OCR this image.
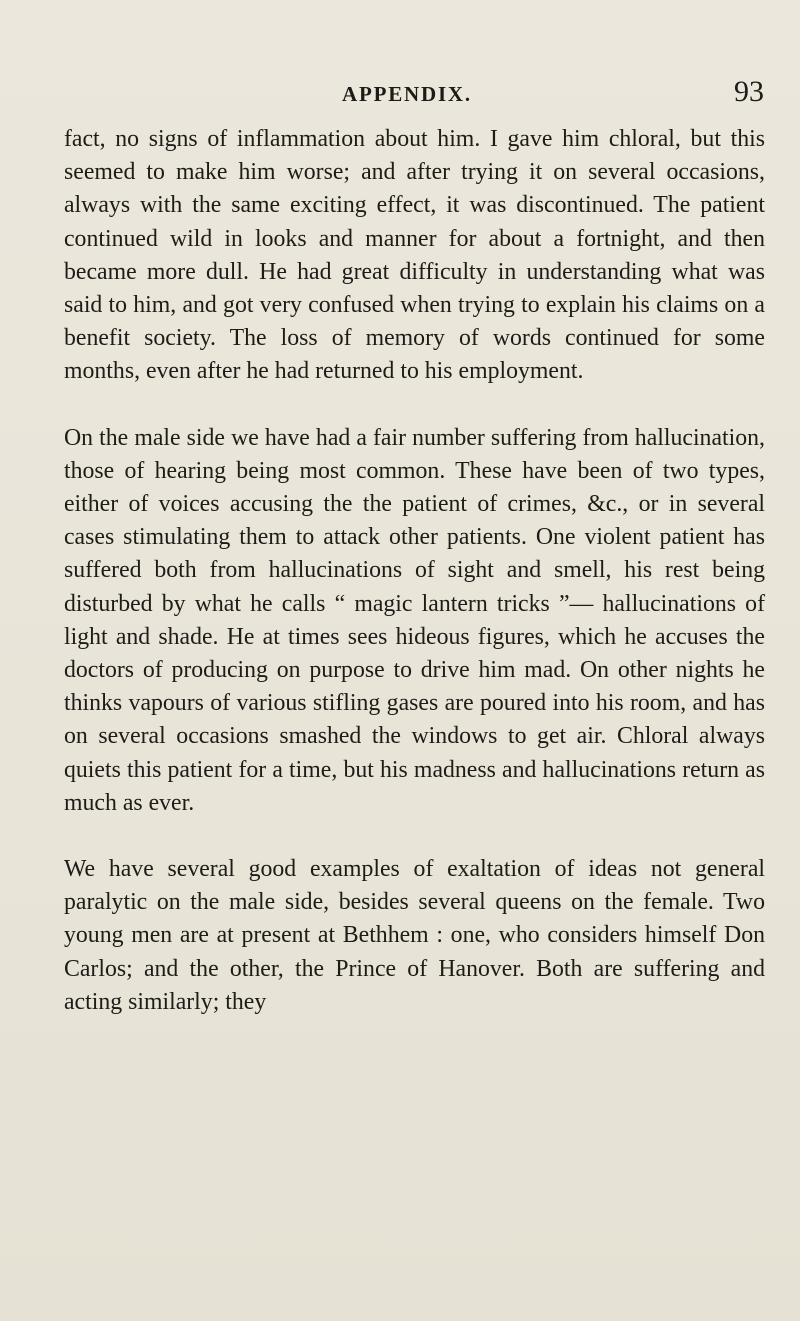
APPENDIX.	93

fact, no signs of inflammation about him. I gave him chloral, but this seemed to make him worse; and after trying it on several occasions, always with the same exciting effect, it was discontinued. The patient continued wild in looks and manner for about a fortnight, and then became more dull. He had great difficulty in understanding what was said to him, and got very confused when trying to explain his claims on a benefit society. The loss of memory of words continued for some months, even after he had returned to his employment.

On the male side we have had a fair number suffering from hallucination, those of hearing being most common. These have been of two types, either of voices accusing the the patient of crimes, &c., or in several cases stimulating them to attack other patients. One violent patient has suffered both from hallucinations of sight and smell, his rest being disturbed by what he calls “ magic lantern tricks ”— hallucinations of light and shade. He at times sees hideous figures, which he accuses the doctors of producing on purpose to drive him mad. On other nights he thinks vapours of various stifling gases are poured into his room, and has on several occasions smashed the windows to get air. Chloral always quiets this patient for a time, but his madness and hallucinations return as much as ever.

We have several good examples of exaltation of ideas not general paralytic on the male side, besides several queens on the female. Two young men are at present at Bethhem : one, who considers himself Don Carlos; and the other, the Prince of Hanover. Both are suffering and acting similarly; they
